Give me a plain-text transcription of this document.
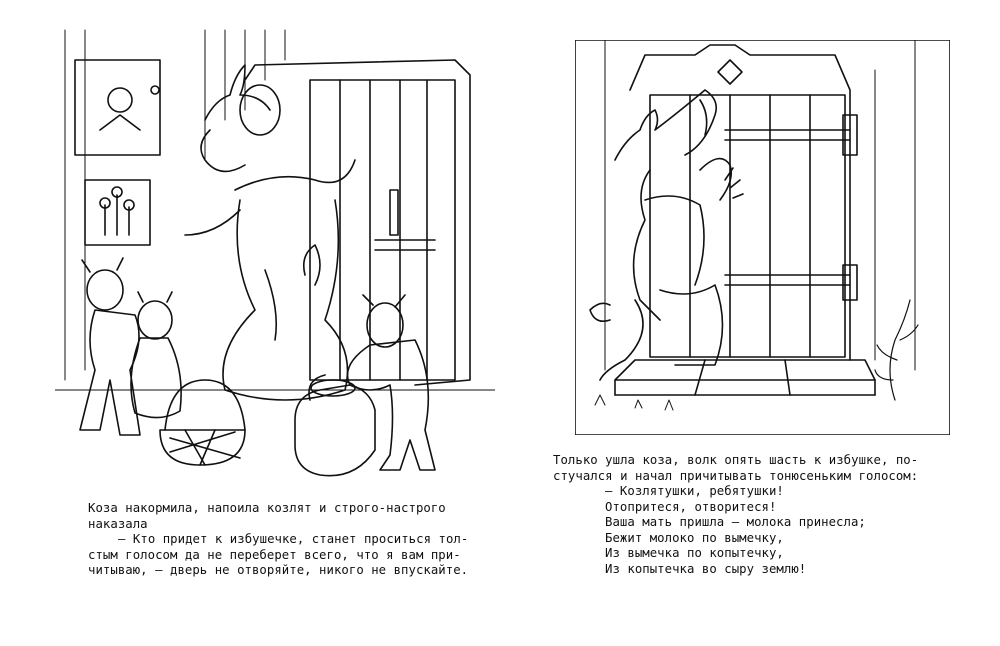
Коза накормила, напоила козлят и строго-настрого

наказала

— Кто придет к избушечке, станет проситься тол-

стым голосом да не переберет всего, что я вам при-

читываю, — дверь не отворяйте, никого не впускайте.

Только ушла коза, волк опять шасть к избушке, по-

стучался и начал причитывать тонюсеньким голосом:

— Козлятушки, ребятушки!

Отопритеся, отворитеся!

Ваша мать пришла — молока принесла;

Бежит молоко по вымечку,

Из вымечка по копытечку,

Из копытечка во сыру землю!
